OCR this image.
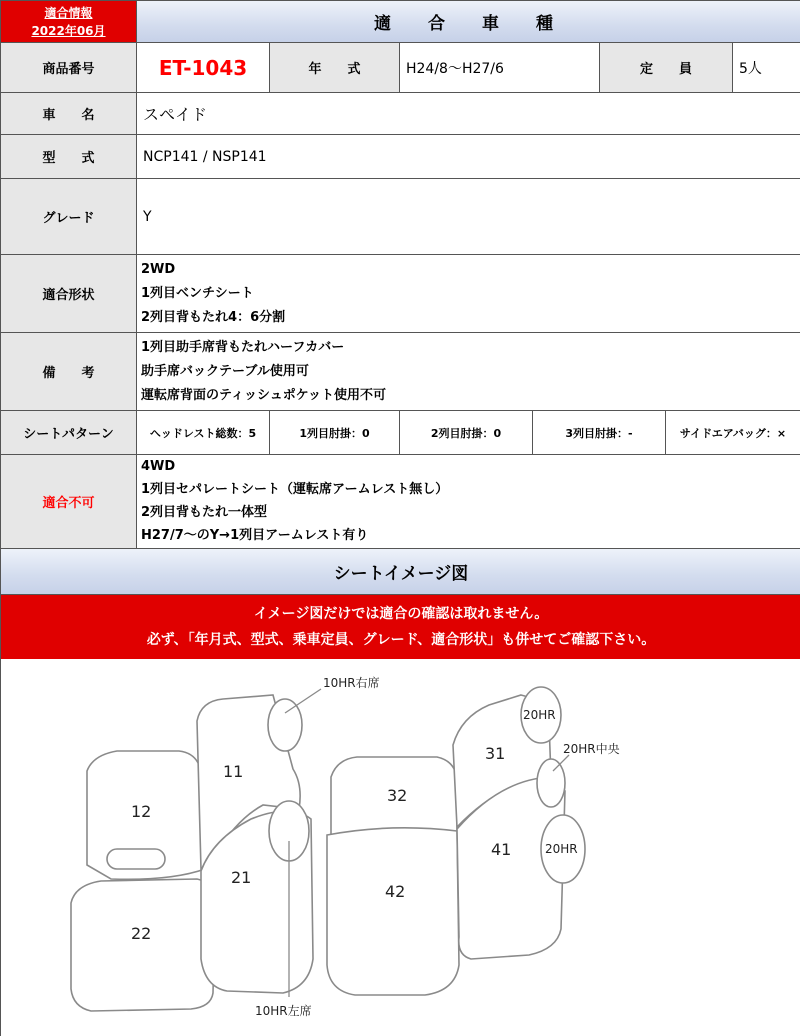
適合情報
2022年06月	適　合　車　種
商品番号	ET-1043	年　　式	H24/8～H27/6	定　　員	5人
車　　名	スペイド
型　　式	NCP141 / NSP141
グレード	Y
適合形状
2WD
1列目ベンチシート
2列目背もたれ4：6分割
備　　考
1列目助手席背もたれハーフカバー
助手席バックテーブル使用可
運転席背面のティッシュポケット使用不可
シートパターン	ヘッドレスト総数：5	1列目肘掛：0	2列目肘掛：0	3列目肘掛：-	サイドエアバッグ：×
適合不可
4WD
1列目セパレートシート（運転席アームレスト無し）
2列目背もたれ一体型
H27/7～のY→1列目アームレスト有り
シートイメージ図
イメージ図だけでは適合の確認は取れません。
必ず、「年月式、型式、乗車定員、グレード、適合形状」も併せてご確認下さい。
12
11
22
21
32
31
42
41
10HR右席
10HR左席
20HR中央
20HR
20HR
